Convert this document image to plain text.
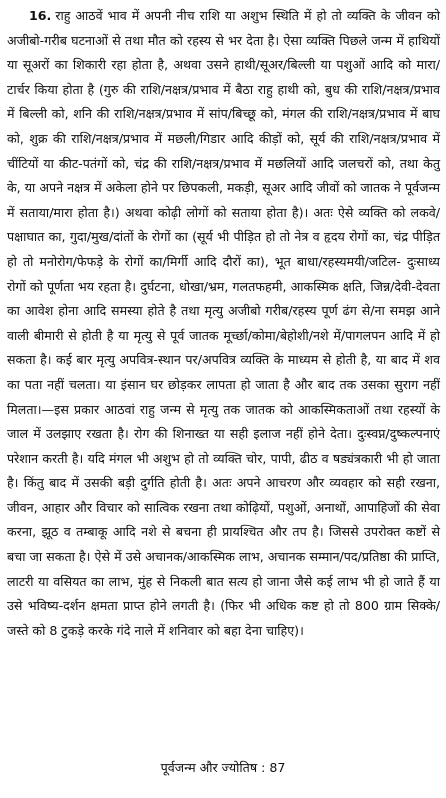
16. राहु आठवें भाव में अपनी नीच राशि या अशुभ स्थिति में हो तो व्यक्ति के जीवन को अजीबो-गरीब घटनाओं से तथा मौत को रहस्य से भर देता है। ऐसा व्यक्ति पिछले जन्म में हाथियों या सूअरों का शिकारी रहा होता है, अथवा उसने हाथी/सूअर/बिल्ली या पशुओं आदि को मारा/टार्चर किया होता है (गुरु की राशि/नक्षत्र/प्रभाव में बैठा राहु हाथी को, बुध की राशि/नक्षत्र/प्रभाव में बिल्ली को, शनि की राशि/नक्षत्र/प्रभाव में सांप/बिच्छू को, मंगल की राशि/नक्षत्र/प्रभाव में बाघ को, शुक्र की राशि/नक्षत्र/प्रभाव में मछली/गिडार आदि कीड़ों को, सूर्य की राशि/नक्षत्र/प्रभाव में चींटियों या कीट-पतंगों को, चंद्र की राशि/नक्षत्र/प्रभाव में मछलियों आदि जलचरों को, तथा केतु के, या अपने नक्षत्र में अकेला होने पर छिपकली, मकड़ी, सूअर आदि जीवों को जातक ने पूर्वजन्म में सताया/मारा होता है।) अथवा कोढ़ी लोगों को सताया होता है)। अतः ऐसे व्यक्ति को लकवे/पक्षाघात का, गुदा/मुख/दांतों के रोगों का (सूर्य भी पीड़ित हो तो नेत्र व हृदय रोगों का, चंद्र पीड़ित हो तो मनोरोग/फेफड़े के रोगों का/मिर्गी आदि दौरों का), भूत बाधा/रहस्यमयी/जटिल- दुःसाध्य रोगों को पूर्णता भय रहता है। दुर्घटना, धोखा/भ्रम, गलतफहमी, आकस्मिक क्षति, जिन्न/देवी-देवता का आवेश होना आदि समस्या होते है तथा मृत्यु अजीबो गरीब/रहस्य पूर्ण ढंग से/ना समझ आने वाली बीमारी से होती है या मृत्यु से पूर्व जातक मूर्च्छा/कोमा/बेहोशी/नशे में/पागलपन आदि में हो सकता है। कई बार मृत्यु अपवित्र-स्थान पर/अपवित्र व्यक्ति के माध्यम से होती है, या बाद में शव का पता नहीं चलता। या इंसान घर छोड़कर लापता हो जाता है और बाद तक उसका सुराग नहीं मिलता।—इस प्रकार आठवां राहु जन्म से मृत्यु तक जातक को आकस्मिकताओं तथा रहस्यों के जाल में उलझाए रखता है। रोग की शिनाख्त या सही इलाज नहीं होने देता। दुःस्वप्न/दुष्कल्पनाएं परेशान करती है। यदि मंगल भी अशुभ हो तो व्यक्ति चोर, पापी, ढीठ व षड्यंत्रकारी भी हो जाता है। किंतु बाद में उसकी बड़ी दुर्गति होती है। अतः अपने आचरण और व्यवहार को सही रखना, जीवन, आहार और विचार को सात्विक रखना तथा कोढ़ियों, पशुओं, अनाथों, आपाहिजों की सेवा करना, झूठ व तम्बाकू आदि नशे से बचना ही प्रायश्चित और तप है। जिससे उपरोक्त कष्टों से बचा जा सकता है। ऐसे में उसे अचानक/आकस्मिक लाभ, अचानक सम्मान/पद/प्रतिष्ठा की प्राप्ति, लाटरी या वसियत का लाभ, मुंह से निकली बात सत्य हो जाना जैसे कई लाभ भी हो जाते हैं या उसे भविष्य-दर्शन क्षमता प्राप्त होने लगती है। (फिर भी अधिक कष्ट हो तो 800 ग्राम सिक्के/जस्ते को 8 टुकड़े करके गंदे नाले में शनिवार को बहा देना चाहिए)।

पूर्वजन्म और ज्योतिष : 87
